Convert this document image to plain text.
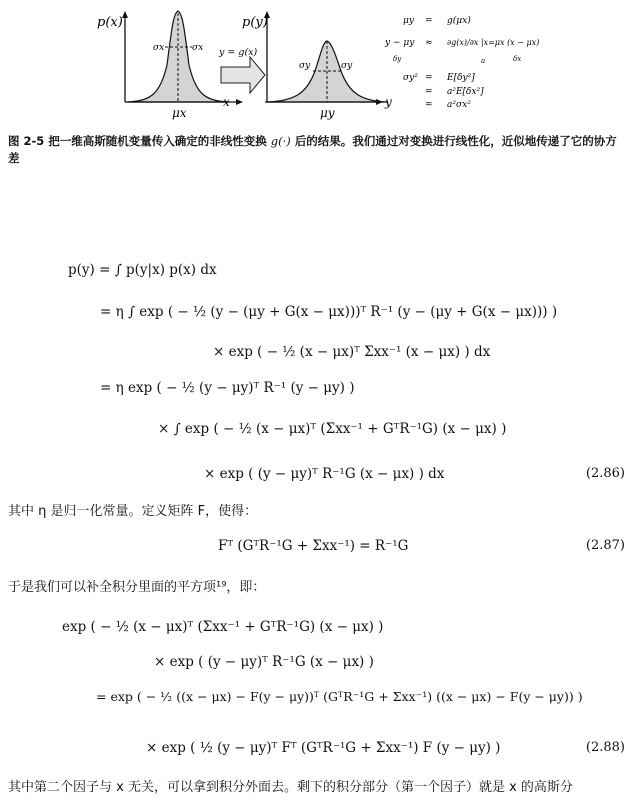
p(x)
σx	σx
μx
x
y = g(x)
p(y)
σy	σy
μy
y
μy = g(μx)
y − μy ≈ ∂g(x)/∂x |x=μx (x − μx)
δy	a	δx
σy² = E[δy²]
= a²E[δx²]
= a²σx²
图 2-5 把一维高斯随机变量传入确定的非线性变换 g(·) 后的结果。我们通过对变换进行线性化，近似地传递了它的协方差
p(y) = ∫ p(y|x) p(x) dx
= η ∫ exp ( − ½ (y − (μy + G(x − μx)))ᵀ R⁻¹ (y − (μy + G(x − μx))) )
× exp ( − ½ (x − μx)ᵀ Σxx⁻¹ (x − μx) ) dx
= η exp ( − ½ (y − μy)ᵀ R⁻¹ (y − μy) )
× ∫ exp ( − ½ (x − μx)ᵀ (Σxx⁻¹ + GᵀR⁻¹G) (x − μx) )
× exp ( (y − μy)ᵀ R⁻¹G (x − μx) ) dx	(2.86)
其中 η 是归一化常量。定义矩阵 F，使得：
Fᵀ (GᵀR⁻¹G + Σxx⁻¹) = R⁻¹G	(2.87)
于是我们可以补全积分里面的平方项¹⁹，即：
exp ( − ½ (x − μx)ᵀ (Σxx⁻¹ + GᵀR⁻¹G) (x − μx) )
× exp ( (y − μy)ᵀ R⁻¹G (x − μx) )
= exp ( − ½ ((x − μx) − F(y − μy))ᵀ (GᵀR⁻¹G + Σxx⁻¹) ((x − μx) − F(y − μy)) )
× exp ( ½ (y − μy)ᵀ Fᵀ (GᵀR⁻¹G + Σxx⁻¹) F (y − μy) )	(2.88)
其中第二个因子与 x 无关，可以拿到积分外面去。剩下的积分部分（第一个因子）就是 x 的高斯分
